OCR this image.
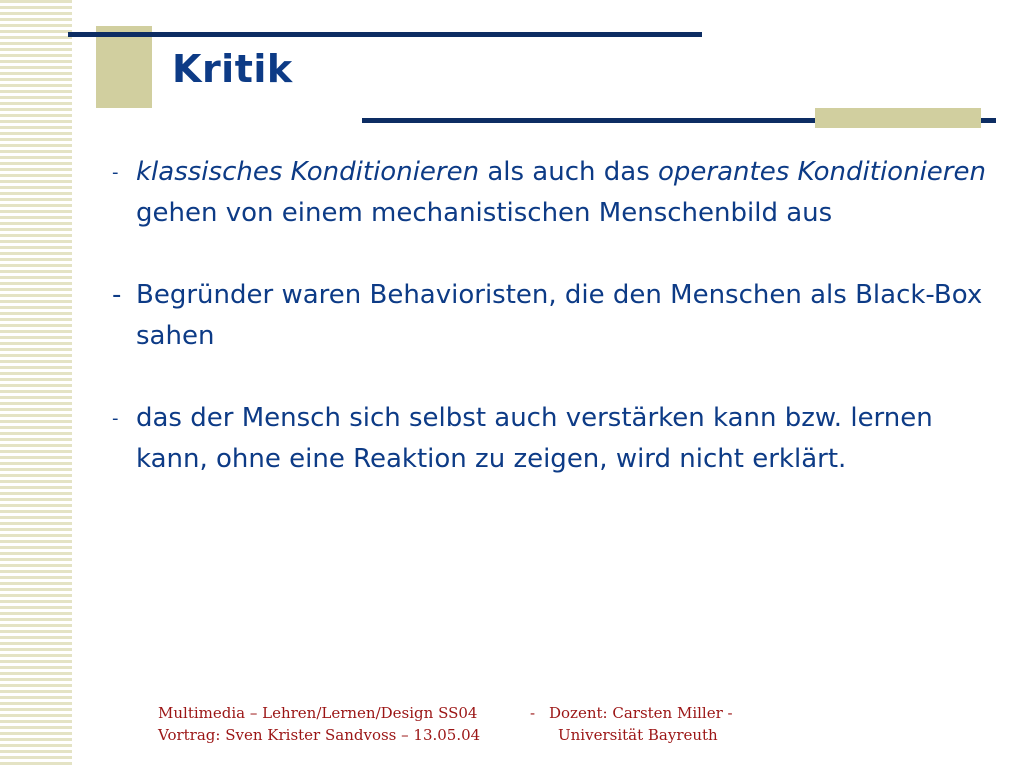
Kritik

- klassisches Konditionieren als auch das operantes Konditionieren gehen von einem mechanistischen Menschenbild aus

- Begründer waren Behavioristen, die den Menschen als Black-Box sahen

- das der Mensch sich selbst auch verstärken kann bzw. lernen kann, ohne eine Reaktion zu zeigen, wird nicht erklärt.

Multimedia – Lehren/Lernen/Design SS04	- Dozent: Carsten Miller -
Vortrag: Sven Krister Sandvoss – 13.05.04	Universität Bayreuth
